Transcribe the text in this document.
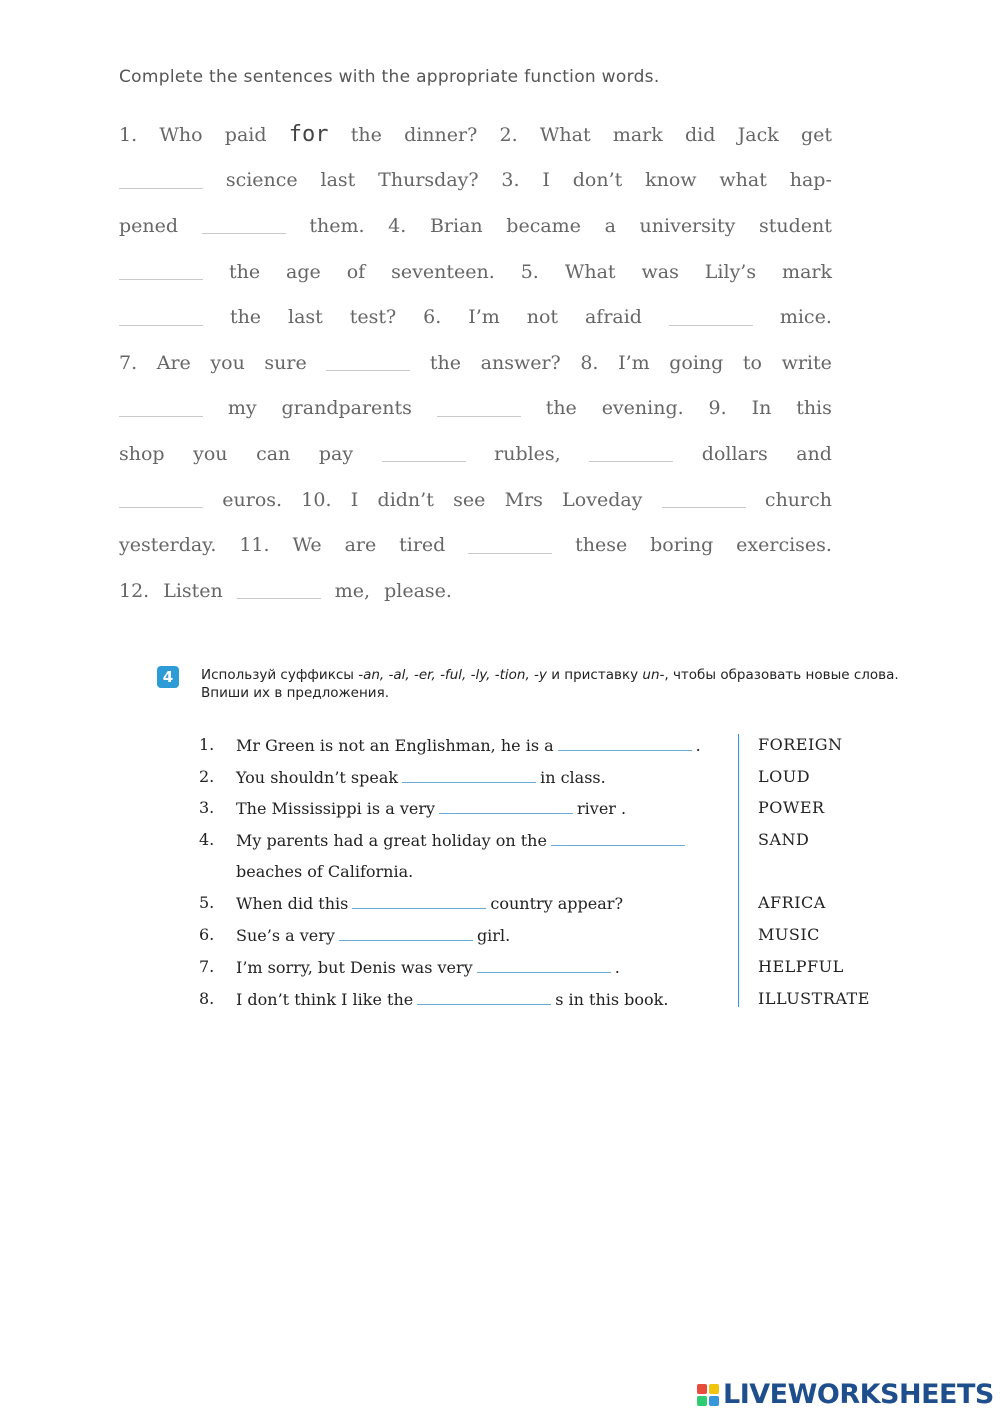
Complete the sentences with the appropriate function words.
1. Who paid for the dinner? 2. What mark did Jack get
science last Thursday? 3. I don’t know what hap-
pened	them. 4. Brian became a university student
the age of seventeen. 5. What was Lily’s mark
the last test? 6. I’m not afraid	mice.
7. Are you sure	the answer? 8. I’m going to write
my grandparents	the evening. 9. In this
shop you can pay	rubles,	dollars and
euros. 10. I didn’t see Mrs Loveday	church
yesterday. 11. We are tired	these boring exercises.
12. Listen	me, please.
4	Используй суффиксы -an, -al, -er, -ful, -ly, -tion, -y и приставку un-, чтобы образовать новые слова. Впиши их в предложения.
1.	Mr Green is not an Englishman, he is a	.	FOREIGN
2.	You shouldn’t speak	in class.	LOUD
3.	The Mississippi is a very	river .	POWER
4.	My parents had a great holiday on the	SAND
beaches of California.
5.	When did this	country appear?	AFRICA
6.	Sue’s a very	girl.	MUSIC
7.	I’m sorry, but Denis was very	.	HELPFUL
8.	I don’t think I like the	s in this book.	ILLUSTRATE
LIVEWORKSHEETS
